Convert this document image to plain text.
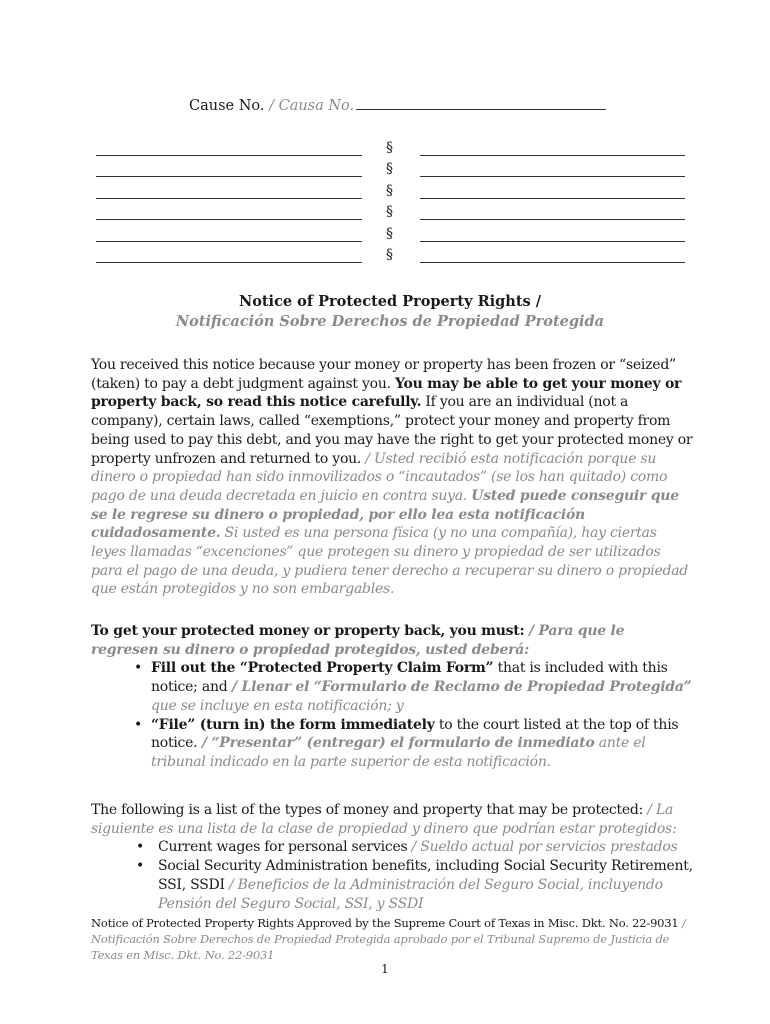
Cause No. / Causa No.
§
§
§
§
§
§
Notice of Protected Property Rights /
Notificación Sobre Derechos de Propiedad Protegida
You received this notice because your money or property has been frozen or “seized” (taken) to pay a debt judgment against you. You may be able to get your money or property back, so read this notice carefully. If you are an individual (not a company), certain laws, called “exemptions,” protect your money and property from being used to pay this debt, and you may have the right to get your protected money or property unfrozen and returned to you. / Usted recibió esta notificación porque su dinero o propiedad han sido inmovilizados o “incautados” (se los han quitado) como pago de una deuda decretada en juicio en contra suya. Usted puede conseguir que se le regrese su dinero o propiedad, por ello lea esta notificación cuidadosamente. Si usted es una persona física (y no una compañía), hay ciertas leyes llamadas “excenciones” que protegen su dinero y propiedad de ser utilizados para el pago de una deuda, y pudiera tener derecho a recuperar su dinero o propiedad que están protegidos y no son embargables.
To get your protected money or property back, you must: / Para que le regresen su dinero o propiedad protegidos, usted deberá:
• Fill out the “Protected Property Claim Form” that is included with this notice; and / Llenar el “Formulario de Reclamo de Propiedad Protegida” que se incluye en esta notificación; y
• “File” (turn in) the form immediately to the court listed at the top of this notice. / “Presentar” (entregar) el formulario de inmediato ante el tribunal indicado en la parte superior de esta notificación.
The following is a list of the types of money and property that may be protected: / La siguiente es una lista de la clase de propiedad y dinero que podrían estar protegidos:
• Current wages for personal services / Sueldo actual por servicios prestados
• Social Security Administration benefits, including Social Security Retirement, SSI, SSDI / Beneficios de la Administración del Seguro Social, incluyendo Pensión del Seguro Social, SSI, y SSDI
Notice of Protected Property Rights Approved by the Supreme Court of Texas in Misc. Dkt. No. 22-9031 / Notificación Sobre Derechos de Propiedad Protegida aprobado por el Tribunal Supremo de Justicia de Texas en Misc. Dkt. No. 22-9031
1
